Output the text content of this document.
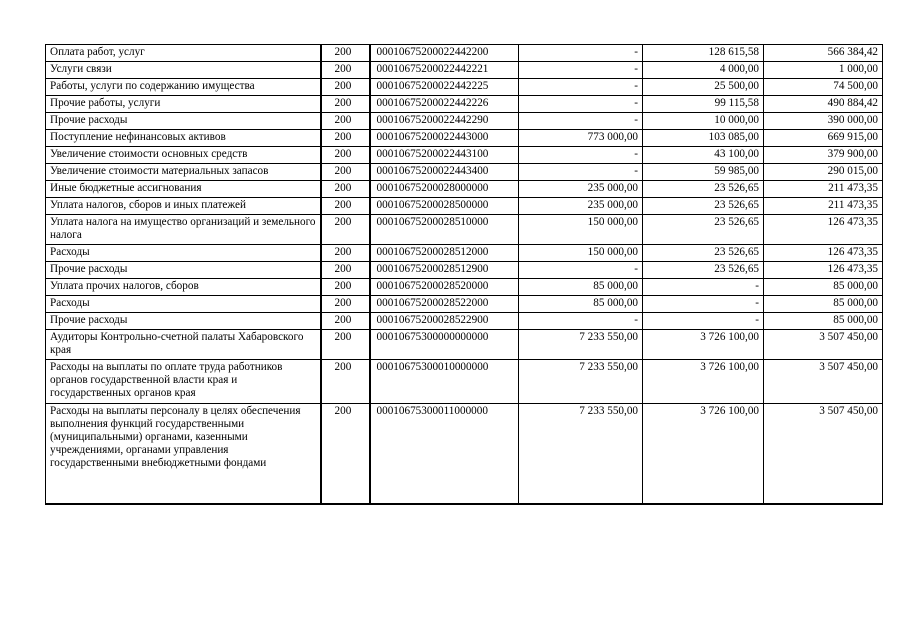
Оплата работ, услуг	200	00010675200022442200	-	128 615,58	566 384,42
Услуги связи	200	00010675200022442221	-	4 000,00	1 000,00
Работы, услуги по содержанию имущества	200	00010675200022442225	-	25 500,00	74 500,00
Прочие работы, услуги	200	00010675200022442226	-	99 115,58	490 884,42
Прочие расходы	200	00010675200022442290	-	10 000,00	390 000,00
Поступление нефинансовых активов	200	00010675200022443000	773 000,00	103 085,00	669 915,00
Увеличение стоимости основных средств	200	00010675200022443100	-	43 100,00	379 900,00
Увеличение стоимости материальных запасов	200	00010675200022443400	-	59 985,00	290 015,00
Иные бюджетные ассигнования	200	00010675200028000000	235 000,00	23 526,65	211 473,35
Уплата налогов, сборов и иных платежей	200	00010675200028500000	235 000,00	23 526,65	211 473,35
Уплата налога на имущество организаций и земельного налога	200	00010675200028510000	150 000,00	23 526,65	126 473,35
Расходы	200	00010675200028512000	150 000,00	23 526,65	126 473,35
Прочие расходы	200	00010675200028512900	-	23 526,65	126 473,35
Уплата прочих налогов, сборов	200	00010675200028520000	85 000,00	-	85 000,00
Расходы	200	00010675200028522000	85 000,00	-	85 000,00
Прочие расходы	200	00010675200028522900	-	-	85 000,00
Аудиторы Контрольно-счетной палаты Хабаровского края	200	00010675300000000000	7 233 550,00	3 726 100,00	3 507 450,00
Расходы на выплаты по оплате труда работников органов государственной власти края и государственных органов края	200	00010675300010000000	7 233 550,00	3 726 100,00	3 507 450,00
Расходы на выплаты персоналу в целях обеспечения выполнения функций государственными (муниципальными) органами, казенными учреждениями, органами управления государственными внебюджетными фондами	200	00010675300011000000	7 233 550,00	3 726 100,00	3 507 450,00
